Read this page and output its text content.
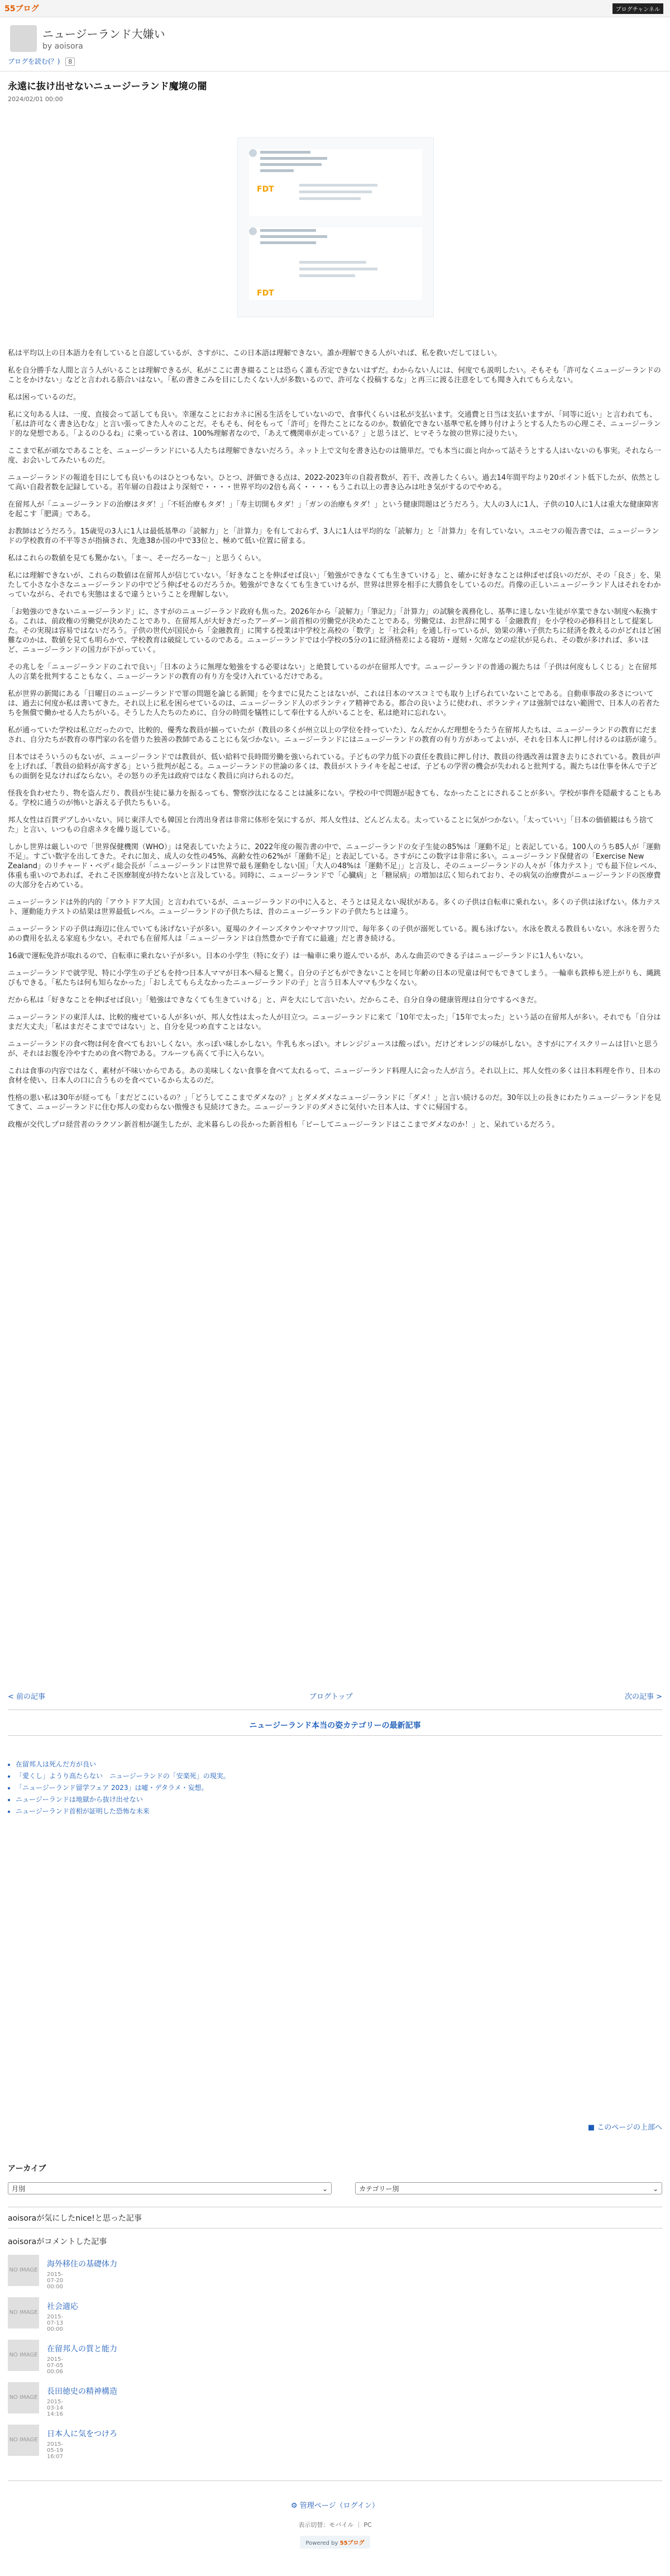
55ブログ	ブログチャンネル
ニュージーランド大嫌い
by aoisora
ブログを読む(？) 8
永遠に抜け出せないニュージーランド魔境の闇
2024/02/01 00:00
FDT
FDT

私は平均以上の日本語力を有していると自認しているが、さすがに、この日本語は理解できない。誰か理解できる人がいれば、私を救いだしてほしい。

私を自分勝手な人間と言う人がいることは理解できるが、私がここに書き綴ることは恐らく誰も否定できないはずだ。わからない人には、何度でも説明したい。そもそも「許可なくニュージーランドのことをかけない」などと言われる筋合いはない。「私の書きこみを目にしたくない人が多数いるので、許可なく投稿するな」と再三に渡る注意をしても聞き入れてもらえない。

私は困っているのだ。

私に文句ある人は、一度、直接会って話しても良い。幸運なことにおカネに困る生活をしていないので、食事代くらいは私が支払います。交通費と日当は支払いますが、「同等に近い」と言われても、「私は許可なく書き込むな」と言い張ってきた人々のことだ。そもそも、何をもって「許可」を得たことになるのか。数値化できない基準で私を縛り付けようとする人たちの心理こそ、ニュージーランド的な発想である。「よるのひるね」に乗っている者は、100%理解者なので、「あえて機関車が走っている？」と思うほど、ヒマそうな彼の世界に浸りたい。

ここまで私が頑なであることを、ニュージーランドにいる人たちは理解できないだろう。ネット上で文句を書き込むのは簡単だ。でも本当に面と向かって話そうとする人はいないのも事実。それなら一度、お会いしてみたいものだ。

ニュージーランドの報道を目にしても良いものはひとつもない。ひとつ、評価できる点は、2022-2023年の自殺者数が、若干、改善したくらい。過去14年間平均より20ポイント低下したが、依然として高い自殺者数を記録している。若年層の自殺はより深刻で・・・・世界平均の2倍も高く・・・・もうこれ以上の書き込みは吐き気がするのでやめる。

在留邦人が「ニュージーランドの治療はタダ！」「不妊治療もタダ！」「寿主切開もタダ！」「ガンの治療もタダ！」という健康問題はどうだろう。大人の3人に1人、子供の10人に1人は重大な健康障害を起こす「肥満」である。

お教師はどうだろう。15歳児の3人に1人は最低基準の「読解力」と「計算力」を有しておらず、3人に1人は平均的な「読解力」と「計算力」を有していない。ユニセフの報告書では、ニュージーランドの学校教育の不平等さが指摘され、先進38か国の中で33位と、極めて低い位置に留まる。

私はこれらの数値を見ても驚かない。「ま～、そーだろーな～」と思うくらい。

私には理解できないが、これらの数値は在留邦人が信じていない。「好きなことを伸ばせば良い」「勉強ができなくても生きていける」と、確かに好きなことは伸ばせば良いのだが、その「良さ」を、果たして小さな小さなニュージーランドの中でどう伸ばせるのだろうか。勉強ができなくても生きていけるが、世界は世界を相手に大勝負をしているのだ。肖像の正しいニュージーランド人はそれをわかっていながら、それでも実態はまるで違うということを理解しない。

「お勉強のできないニュージーランド」に、さすがのニュージーランド政府も焦った。2026年から「読解力」「筆記力」「計算力」の試験を義務化し、基準に達しない生徒が卒業できない制度へ転換する。これは、前政権の労働党が決めたことであり、在留邦人が大好きだったアーダーン前首相の労働党が決めたことである。労働党は、お世辞に関する「金融教育」を小学校の必修科目として提案した。その実現は容易ではないだろう。子供の世代が国民から「金融教育」に関する授業は中学校と高校の「数学」と「社会科」を通し行っているが、効果の薄い子供たちに経済を教えるのがどれほど困難なのかは、数値を見ても明らかで、学校教育は破綻しているのである。ニュージーランドでは小学校の5分の1に経済格差による寝坊・遅刻・欠席などの症状が見られ、その数が多ければ、多いほど、ニュージーランドの国力が下がっていく。

その兆しを「ニュージーランドのこれで良い」「日本のように無理な勉強をする必要はない」と絶賛しているのが在留邦人です。ニュージーランドの普通の親たちは「子供は何度もしくじる」と在留邦人の言葉を批判することもなく、ニュージーランドの教育の有り方を受け入れているだけである。

私が世界の新聞にある「日曜日のニュージーランドで罪の問題を論じる新聞」を今までに見たことはないが、これは日本のマスコミでも取り上げられていないことである。自動車事故の多さについては、過去に何度か私は書いてきた。それ以上に私を困らせているのは、ニュージーランド人のボランティア精神である。都合の良いように使われ、ボランティアは強制ではない範囲で、日本人の若者たちを無償で働かせる人たちがいる。そうした人たちのために、自分の時間を犠牲にして奉仕する人がいることを、私は絶対に忘れない。

私が通っていた学校は私立だったので、比較的、優秀な教員が揃っていたが（教員の多くが州立以上の学位を持っていた）、なんだかんだ理想をうたう在留邦人たちは、ニュージーランドの教育にだまされ、自分たちが教育の専門家の名を借りた独善の教師であることにも気づかない。ニュージーランドにはニュージーランドの教育の有り方があってよいが、それを日本人に押し付けるのは筋が違う。

日本ではそういうのもないが、ニュージーランドでは教員が、低い給料で長時間労働を強いられている。子どもの学力低下の責任を教員に押し付け、教員の待遇改善は置き去りにされている。教員が声を上げれば、「教員の給料が高すぎる」という批判が起こる。ニュージーランドの世論の多くは、教員がストライキを起こせば、子どもの学習の機会が失われると批判する。親たちは仕事を休んで子どもの面倒を見なければならない。その怒りの矛先は政府ではなく教員に向けられるのだ。

怪我を負わせたり、物を盗んだり、教員が生徒に暴力を振るっても、警察沙汰になることは滅多にない。学校の中で問題が起きても、なかったことにされることが多い。学校が事件を隠蔽することもある。学校に通うのが怖いと訴える子供たちもいる。

邦人女性は百貫デブしかいない。同じ東洋人でも韓国と台湾出身者は非常に体形を気にするが、邦人女性は、どんどん太る。太っていることに気がつかない。「太っていい」「日本の価値観はもう捨てた」と言い、いつもの自虐ネタを繰り返している。

しかし世界は厳しいので「世界保健機関（WHO）」は発表していたように、2022年度の報告書の中で、ニュージーランドの女子生徒の85%は「運動不足」と表記している。100人のうち85人が「運動不足」。すごい数字を出してきた。それに加え、成人の女性の45%、高齢女性の62%が「運動不足」と表記している。さすがにこの数字は非常に多い。ニュージーランド保健省の「Exercise New Zealand」のリチャード・ベディ総会長が「ニュージーランドは世界で最も運動をしない国」「大人の48%は「運動不足」」と言及し、そのニュージーランドの人々が「体力テスト」でも最下位レベル、体重も重いのであれば、それこそ医療制度が持たないと言及している。同時に、ニュージーランドで「心臓病」と「糖尿病」の増加は広く知られており、その病気の治療費がニュージーランドの医療費の大部分を占めている。

ニュージーランドは外的内的「アウトドア大国」と言われているが、ニュージーランドの中に入ると、そうとは見えない現状がある。多くの子供は自転車に乗れない。多くの子供は泳げない。体力テスト、運動能力テストの結果は世界最低レベル。ニュージーランドの子供たちは、昔のニュージーランドの子供たちとは違う。

ニュージーランドの子供は海辺に住んでいても泳げない子が多い。夏場のクイーンズタウンやマナワツ川で、毎年多くの子供が溺死している。親も泳げない。水泳を教える教員もいない。水泳を習うための費用を払える家庭も少ない。それでも在留邦人は「ニュージーランドは自然豊かで子育てに最適」だと書き続ける。

16歳で運転免許が取れるので、自転車に乗れない子が多い。日本の小学生（特に女子）は一輪車に乗り遊んでいるが、あんな曲芸のできる子はニュージーランドに1人もいない。

ニュージーランドで就学児、特に小学生の子どもを持つ日本人ママが日本へ帰ると驚く。自分の子どもができないことを同じ年齢の日本の児童は何でもできてしまう。一輪車も鉄棒も逆上がりも、縄跳びもできる。「私たちは何も知らなかった」「おしえてもらえなかったニュージーランドの子」と言う日本人ママも少なくない。

だから私は「好きなことを伸ばせば良い」「勉強はできなくても生きていける」と、声を大にして言いたい。だからこそ、自分自身の健康管理は自分でするべきだ。

ニュージーランドの東洋人は、比較的痩せている人が多いが、邦人女性は太った人が目立つ。ニュージーランドに来て「10年で太った」「15年で太った」という話の在留邦人が多い。それでも「自分はまだ大丈夫」「私はまだそこまでではない」と、自分を見つめ直すことはない。

ニュージーランドの食べ物は何を食べてもおいしくない。水っぽい味しかしない。牛乳も水っぽい。オレンジジュースは酸っぱい。だけどオレンジの味がしない。さすがにアイスクリームは甘いと思うが、それはお腹を冷やすための食べ物である。フルーツも高くて手に入らない。

これは食事の内容ではなく、素材が不味いからである。あの美味しくない食事を食べて太れるって、ニュージーランド料理人に会った人が言う。それ以上に、邦人女性の多くは日本料理を作り、日本の食材を使い、日本人の口に合うものを食べているから太るのだ。

性格の悪い私は30年が経っても「まだどこにいるの？」「どうしてここまでダメなの？」とダメダメなニュージーランドに「ダメ！」と言い続けるのだ。30年以上の長きにわたりニュージーランドを見てきて、ニュージーランドに住む邦人の変わらない傲慢さも見続けてきた。ニュージーランドのダメさに気付いた日本人は、すぐに帰国する。

政権が交代しプロ経営者のラクソン新首相が誕生したが、北米暮らしの長かった新首相も「ビーしてニュージーランドはここまでダメなのか！」と、呆れているだろう。

< 前の記事	ブログトップ	次の記事 >
ニュージーランド本当の姿カテゴリーの最新記事
• 在留邦人は死んだ方が良い
• 「愛くし」ようり高たらない　ニュージーランドの「安楽死」の現実。
• 「ニュージーランド留学フェア 2023」は嘘・デタラメ・妄想。
• ニュージーランドは地獄から抜け出せない
• ニュージーランド首相が証明した恐怖な未来
■ このページの上部へ
アーカイブ
月別	⌄	カテゴリー別	⌄
aoisoraが気にしたnice!と思った記事
aoisoraがコメントした記事
NO IMAGE
海外移住の基礎体力
2015-07-20 00:00
NO IMAGE
社会適応
2015-07-13 00:00
NO IMAGE
在留邦人の質と能力
2015-07-05 00:06
NO IMAGE
長田徳史の精神構造
2015-03-14 14:16
NO IMAGE
日本人に気をつけろ
2015-05-19 16:07
⚙ 管理ページ（ログイン）
表示切替：モバイル ｜ PC
Powered by 55ブログ
